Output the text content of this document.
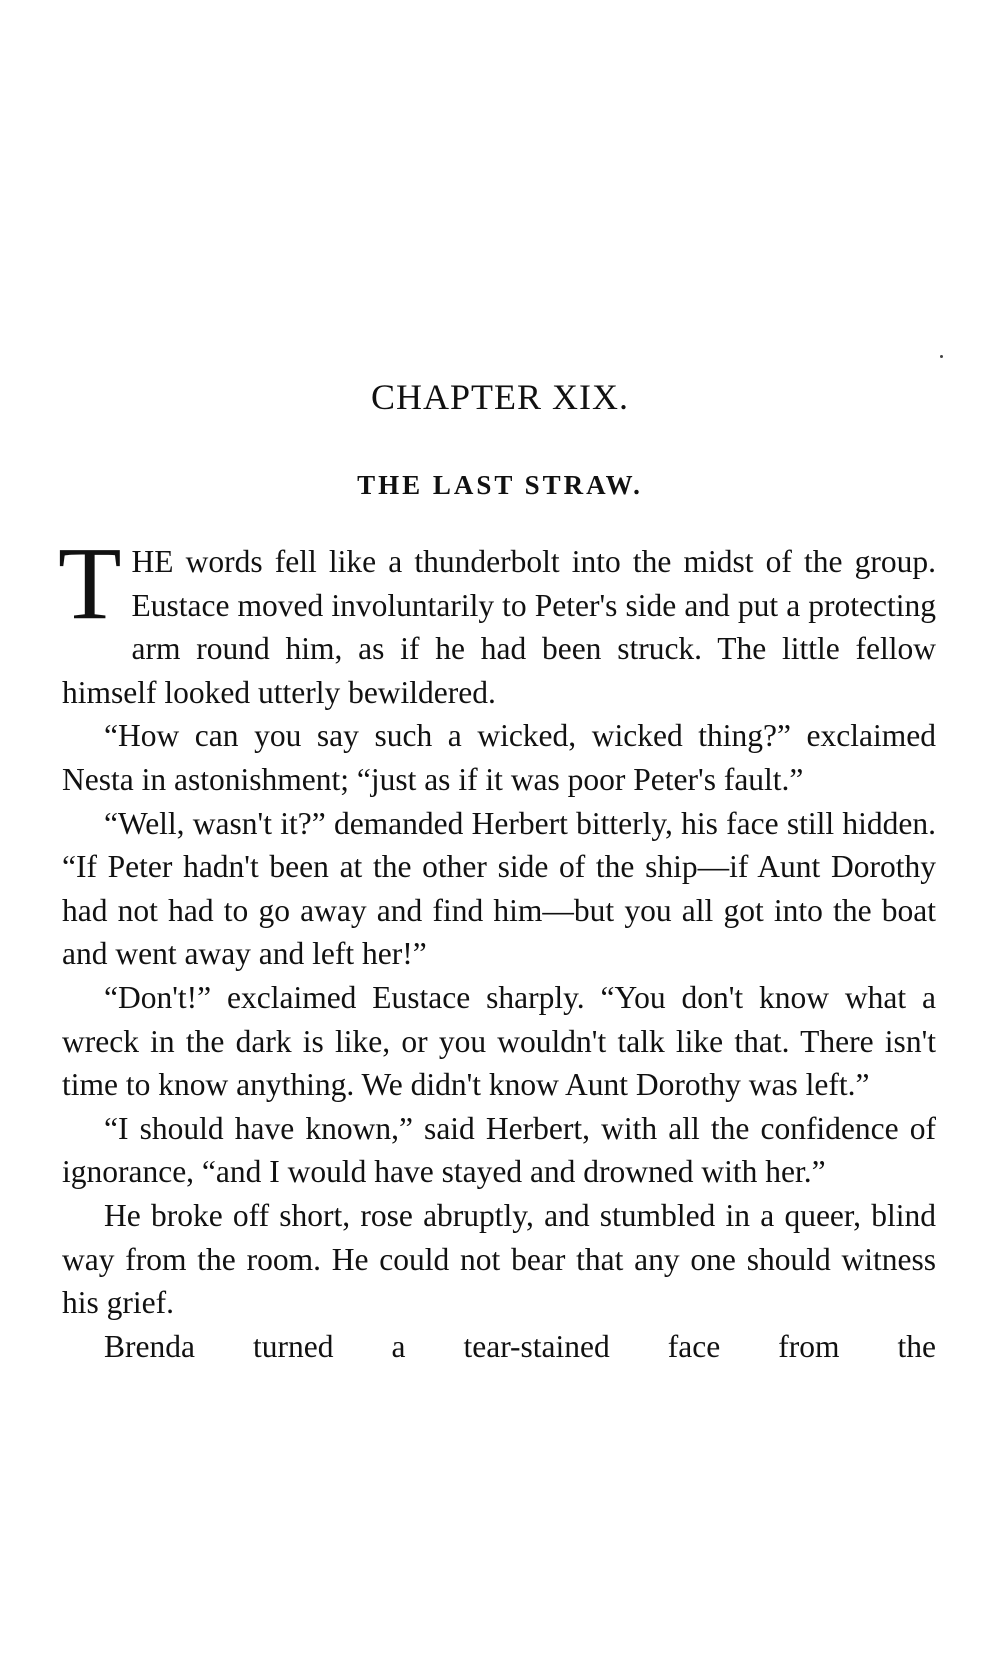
CHAPTER XIX.
THE LAST STRAW.

THE words fell like a thunderbolt into the midst of the group. Eustace moved involuntarily to Peter's side and put a protecting arm round him, as if he had been struck. The little fellow himself looked utterly bewildered.

“How can you say such a wicked, wicked thing?” exclaimed Nesta in astonishment; “just as if it was poor Peter's fault.”

“Well, wasn't it?” demanded Herbert bitterly, his face still hidden. “If Peter hadn't been at the other side of the ship—if Aunt Dorothy had not had to go away and find him—but you all got into the boat and went away and left her!”

“Don't!” exclaimed Eustace sharply. “You don't know what a wreck in the dark is like, or you wouldn't talk like that. There isn't time to know anything. We didn't know Aunt Dorothy was left.”

“I should have known,” said Herbert, with all the confidence of ignorance, “and I would have stayed and drowned with her.”

He broke off short, rose abruptly, and stumbled in a queer, blind way from the room. He could not bear that any one should witness his grief.

Brenda turned a tear-stained face from the
